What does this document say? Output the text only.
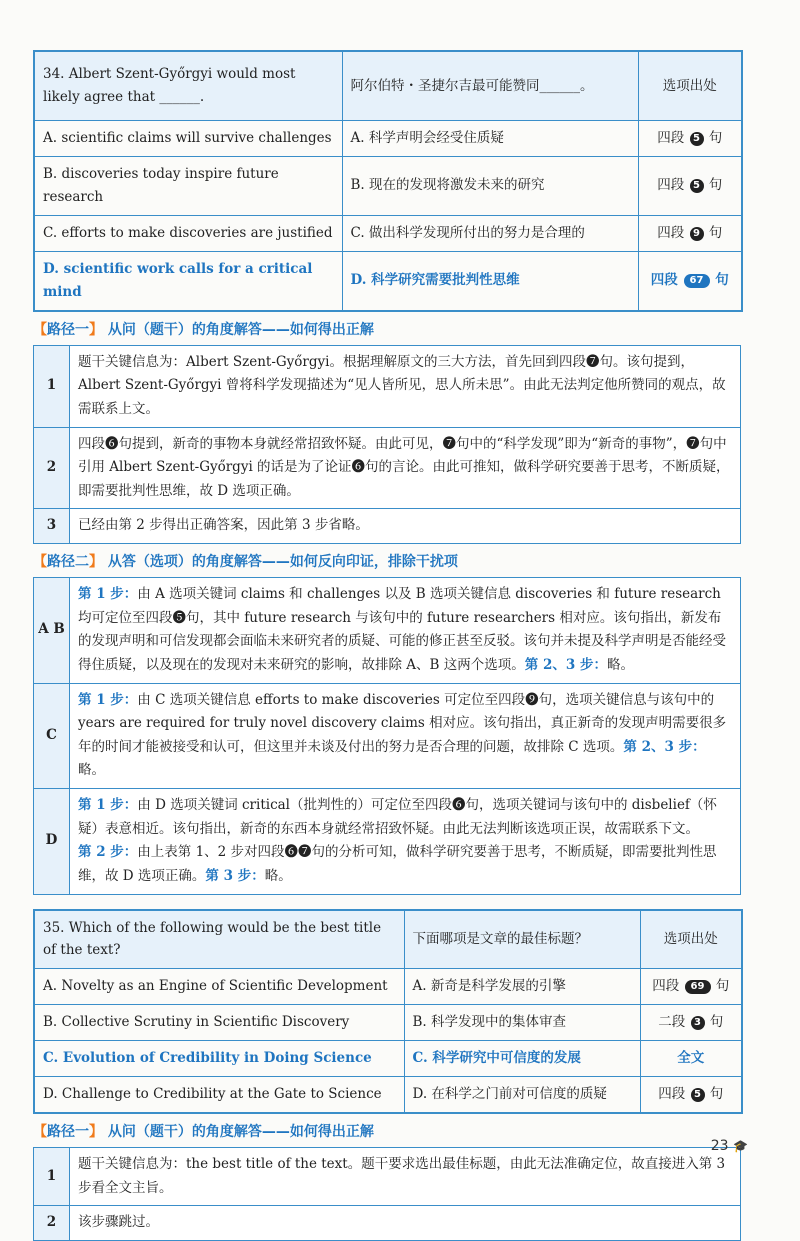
34. Albert Szent-Győrgyi would most likely agree that ______.	阿尔伯特・圣捷尔吉最可能赞同______。	选项出处
A. scientific claims will survive challenges	A. 科学声明会经受住质疑	四段 5 句
B. discoveries today inspire future research	B. 现在的发现将激发未来的研究	四段 5 句
C. efforts to make discoveries are justified	C. 做出科学发现所付出的努力是合理的	四段 9 句
D. scientific work calls for a critical mind	D. 科学研究需要批判性思维	四段 67 句
【路径一】 从问（题干）的角度解答——如何得出正解
1	题干关键信息为：Albert Szent-Győrgyi。根据理解原文的三大方法，首先回到四段❼句。该句提到，Albert Szent-Győrgyi 曾将科学发现描述为“见人皆所见，思人所未思”。由此无法判定他所赞同的观点，故需联系上文。
2	四段❻句提到，新奇的事物本身就经常招致怀疑。由此可见，❼句中的“科学发现”即为“新奇的事物”，❼句中引用 Albert Szent-Győrgyi 的话是为了论证❻句的言论。由此可推知，做科学研究要善于思考，不断质疑，即需要批判性思维，故 D 选项正确。
3	已经由第 2 步得出正确答案，因此第 3 步省略。
【路径二】 从答（选项）的角度解答——如何反向印证，排除干扰项
A B	第 1 步：由 A 选项关键词 claims 和 challenges 以及 B 选项关键信息 discoveries 和 future research 均可定位至四段❺句，其中 future research 与该句中的 future researchers 相对应。该句指出，新发布的发现声明和可信发现都会面临未来研究者的质疑、可能的修正甚至反驳。该句并未提及科学声明是否能经受得住质疑，以及现在的发现对未来研究的影响，故排除 A、B 这两个选项。第 2、3 步：略。
C	第 1 步：由 C 选项关键信息 efforts to make discoveries 可定位至四段❾句，选项关键信息与该句中的 years are required for truly novel discovery claims 相对应。该句指出，真正新奇的发现声明需要很多年的时间才能被接受和认可，但这里并未谈及付出的努力是否合理的问题，故排除 C 选项。第 2、3 步：略。
D	第 1 步：由 D 选项关键词 critical（批判性的）可定位至四段❻句，选项关键词与该句中的 disbelief（怀疑）表意相近。该句指出，新奇的东西本身就经常招致怀疑。由此无法判断该选项正误，故需联系下文。
第 2 步：由上表第 1、2 步对四段❻❼句的分析可知，做科学研究要善于思考，不断质疑，即需要批判性思维，故 D 选项正确。第 3 步：略。
35. Which of the following would be the best title of the text?	下面哪项是文章的最佳标题？	选项出处
A. Novelty as an Engine of Scientific Development	A. 新奇是科学发展的引擎	四段 69 句
B. Collective Scrutiny in Scientific Discovery	B. 科学发现中的集体审查	二段 3 句
C. Evolution of Credibility in Doing Science	C. 科学研究中可信度的发展	全文
D. Challenge to Credibility at the Gate to Science	D. 在科学之门前对可信度的质疑	四段 5 句
【路径一】 从问（题干）的角度解答——如何得出正解
1	题干关键信息为：the best title of the text。题干要求选出最佳标题，由此无法准确定位，故直接进入第 3 步看全文主旨。
2	该步骤跳过。
23 🎓
